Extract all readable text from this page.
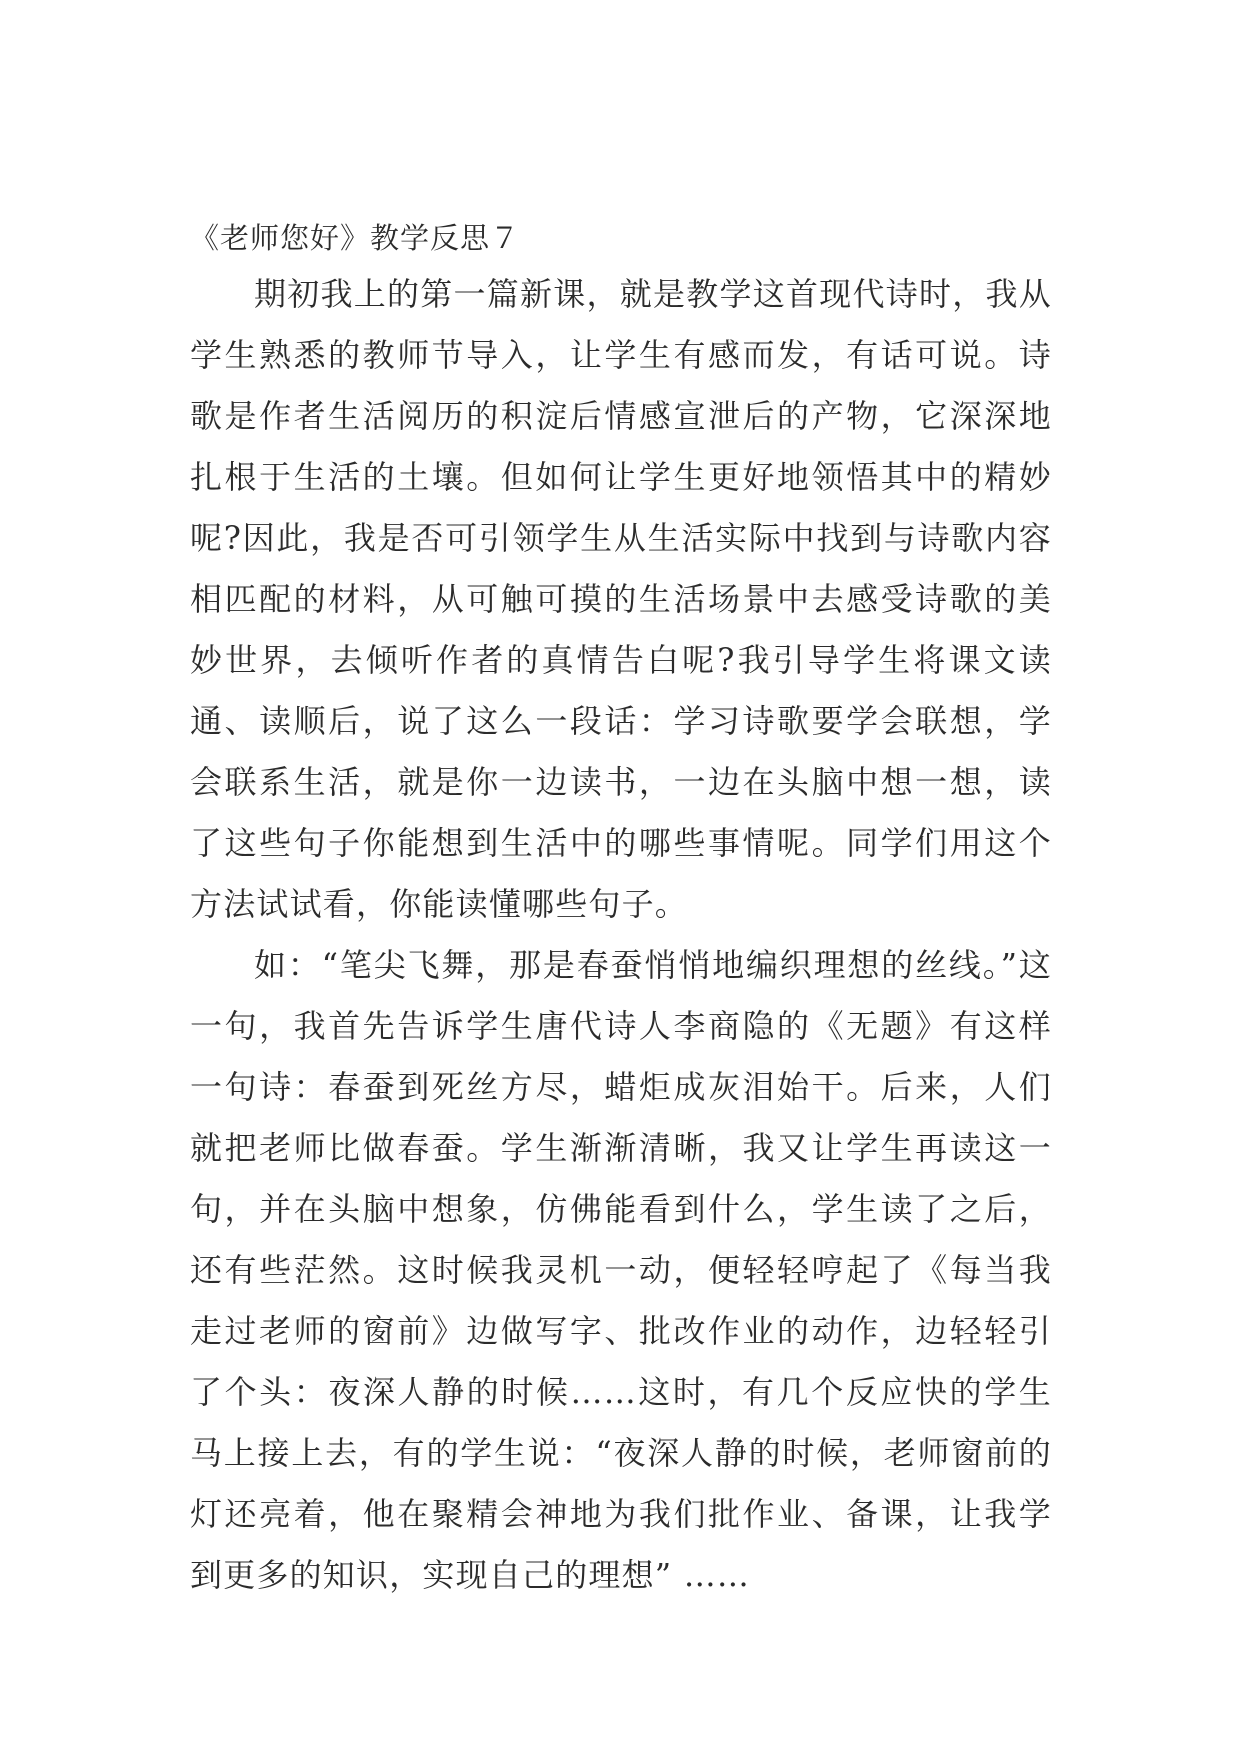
《老师您好》教学反思７

期初我上的第一篇新课，就是教学这首现代诗时，我从学生熟悉的教师节导入，让学生有感而发，有话可说。诗歌是作者生活阅历的积淀后情感宣泄后的产物，它深深地扎根于生活的土壤。但如何让学生更好地领悟其中的精妙呢?因此，我是否可引领学生从生活实际中找到与诗歌内容相匹配的材料，从可触可摸的生活场景中去感受诗歌的美妙世界，去倾听作者的真情告白呢?我引导学生将课文读通、读顺后，说了这么一段话：学习诗歌要学会联想，学会联系生活，就是你一边读书，一边在头脑中想一想，读了这些句子你能想到生活中的哪些事情呢。同学们用这个方法试试看，你能读懂哪些句子。

如：“笔尖飞舞，那是春蚕悄悄地编织理想的丝线。”这一句，我首先告诉学生唐代诗人李商隐的《无题》有这样一句诗：春蚕到死丝方尽，蜡炬成灰泪始干。后来，人们就把老师比做春蚕。学生渐渐清晰，我又让学生再读这一句，并在头脑中想象，仿佛能看到什么，学生读了之后，还有些茫然。这时候我灵机一动，便轻轻哼起了《每当我走过老师的窗前》边做写字、批改作业的动作，边轻轻引了个头：夜深人静的时候……这时，有几个反应快的学生马上接上去，有的学生说：“夜深人静的时候，老师窗前的灯还亮着，他在聚精会神地为我们批作业、备课，让我学到更多的知识，实现自己的理想” ……
